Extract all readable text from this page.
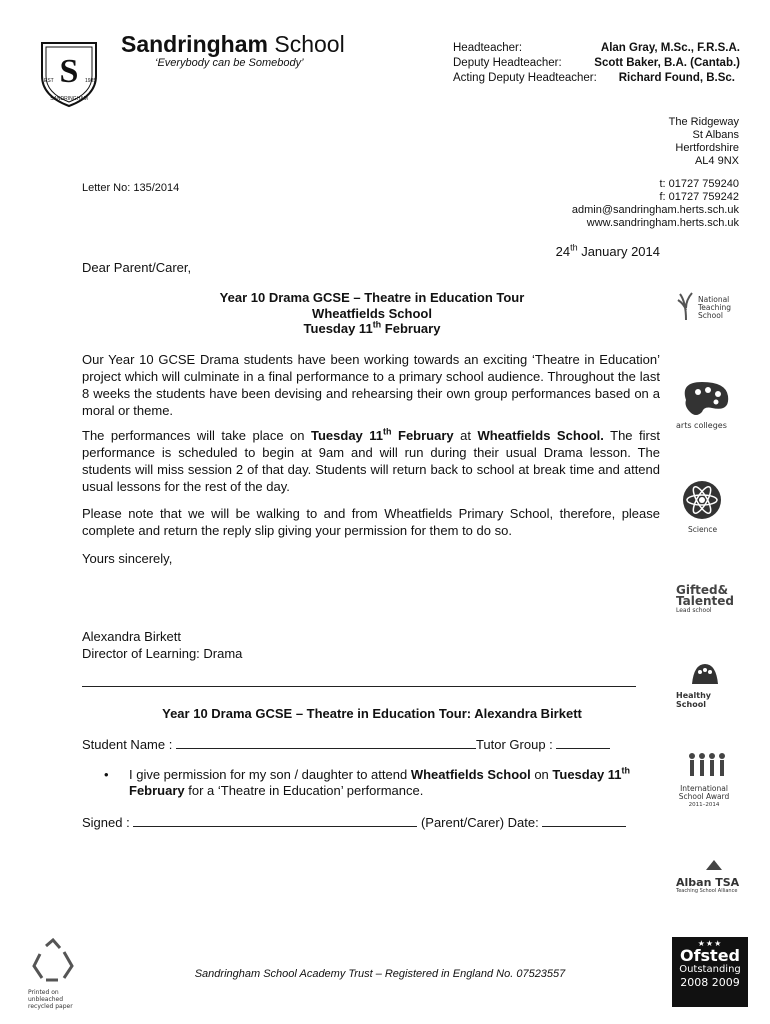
S
EST	1985
SANDRINGHAM
Sandringham School
‘Everybody can be Somebody’
Headteacher:	Alan Gray, M.Sc., F.R.S.A.
Deputy Headteacher:	Scott Baker, B.A. (Cantab.)
Acting Deputy Headteacher: Richard Found, B.Sc.
The Ridgeway
St Albans
Hertfordshire
AL4 9NX
Letter No: 135/2014	t: 01727 759240
f: 01727 759242
admin@sandringham.herts.sch.uk
www.sandringham.herts.sch.uk
24th January 2014
Dear Parent/Carer,
Year 10 Drama GCSE – Theatre in Education Tour
Wheatfields School
Tuesday 11th February
Our Year 10 GCSE Drama students have been working towards an exciting ‘Theatre in Education’ project which will culminate in a final performance to a primary school audience. Throughout the last 8 weeks the students have been devising and rehearsing their own group performances based on a moral or theme.
The performances will take place on Tuesday 11th February at Wheatfields School. The first performance is scheduled to begin at 9am and will run during their usual Drama lesson. The students will miss session 2 of that day. Students will return back to school at break time and attend usual lessons for the rest of the day.
Please note that we will be walking to and from Wheatfields Primary School, therefore, please complete and return the reply slip giving your permission for them to do so.
Yours sincerely,
Alexandra Birkett
Director of Learning: Drama
Year 10 Drama GCSE – Theatre in Education Tour: Alexandra Birkett
Student Name :	Tutor Group :
• I give permission for my son / daughter to attend Wheatfields School on Tuesday 11th February for a ‘Theatre in Education’ performance.
Signed :	(Parent/Carer) Date:
National
Teaching
School
arts colleges
Science
Gifted&
Talented
Lead school
Healthy School
International
School Award
2011–2014
Alban TSA
Teaching School Alliance
★★★
Ofsted
Outstanding
2008 2009
Printed on
unbleached
recycled paper
Sandringham School Academy Trust – Registered in England No. 07523557
